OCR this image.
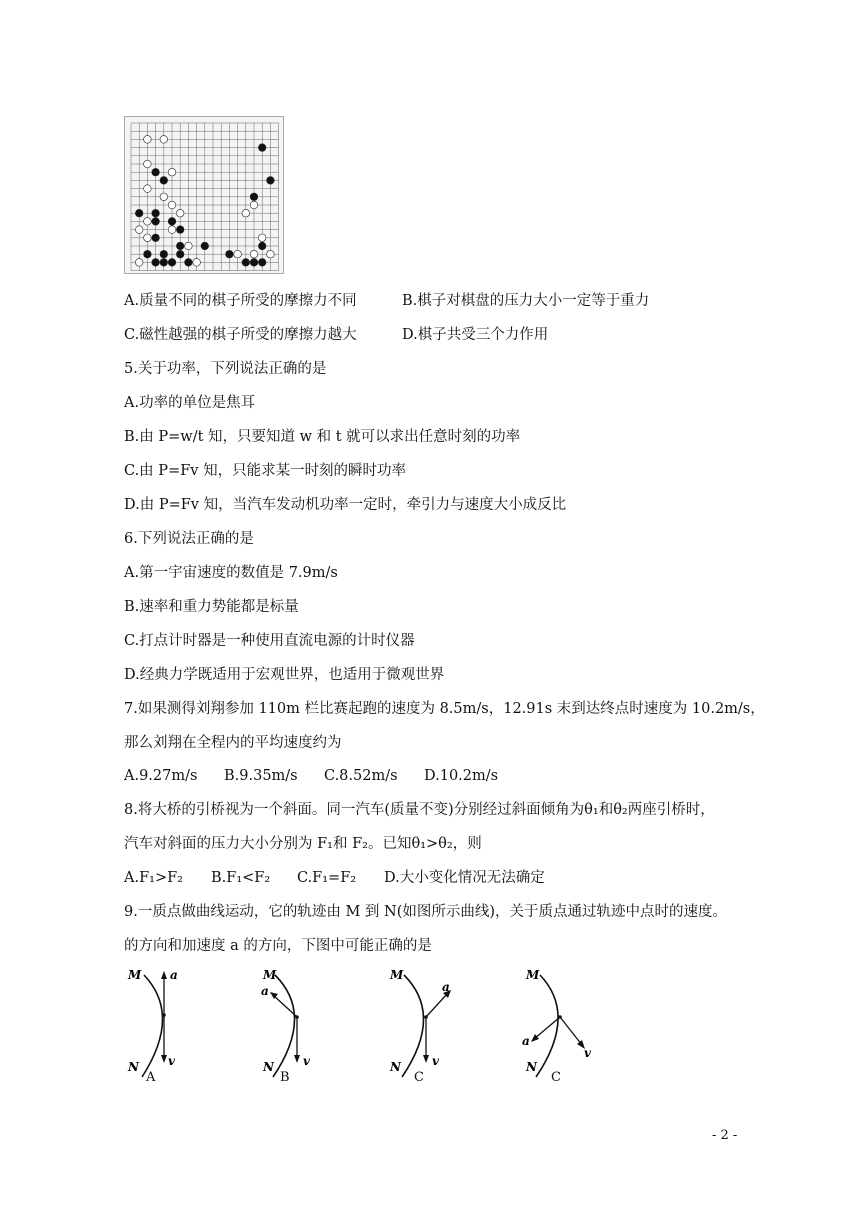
A.质量不同的棋子所受的摩擦力不同	B.棋子对棋盘的压力大小一定等于重力
C.磁性越强的棋子所受的摩擦力越大	D.棋子共受三个力作用
5.关于功率，下列说法正确的是
A.功率的单位是焦耳
B.由 P=w/t 知，只要知道 w 和 t 就可以求出任意时刻的功率
C.由 P=Fv 知，只能求某一时刻的瞬时功率
D.由 P=Fv 知，当汽车发动机功率一定时，牵引力与速度大小成反比
6.下列说法正确的是
A.第一宇宙速度的数值是 7.9m/s
B.速率和重力势能都是标量
C.打点计时器是一种使用直流电源的计时仪器
D.经典力学既适用于宏观世界，也适用于微观世界
7.如果测得刘翔参加 110m 栏比赛起跑的速度为 8.5m/s，12.91s 末到达终点时速度为 10.2m/s，
那么刘翔在全程内的平均速度约为
A.9.27m/s B.9.35m/s C.8.52m/s D.10.2m/s
8.将大桥的引桥视为一个斜面。同一汽车(质量不变)分别经过斜面倾角为θ₁和θ₂两座引桥时，
汽车对斜面的压力大小分别为 F₁和 F₂。已知θ₁>θ₂，则
A.F₁>F₂ B.F₁<F₂ C.F₁=F₂ D.大小变化情况无法确定
9.一质点做曲线运动，它的轨迹由 M 到 N(如图所示曲线)，关于质点通过轨迹中点时的速度。
的方向和加速度 a 的方向，下图中可能正确的是
M a
N v
A
M
a
N v
B
M
a
N	v
C
M
a
N
v
C
- 2 -
